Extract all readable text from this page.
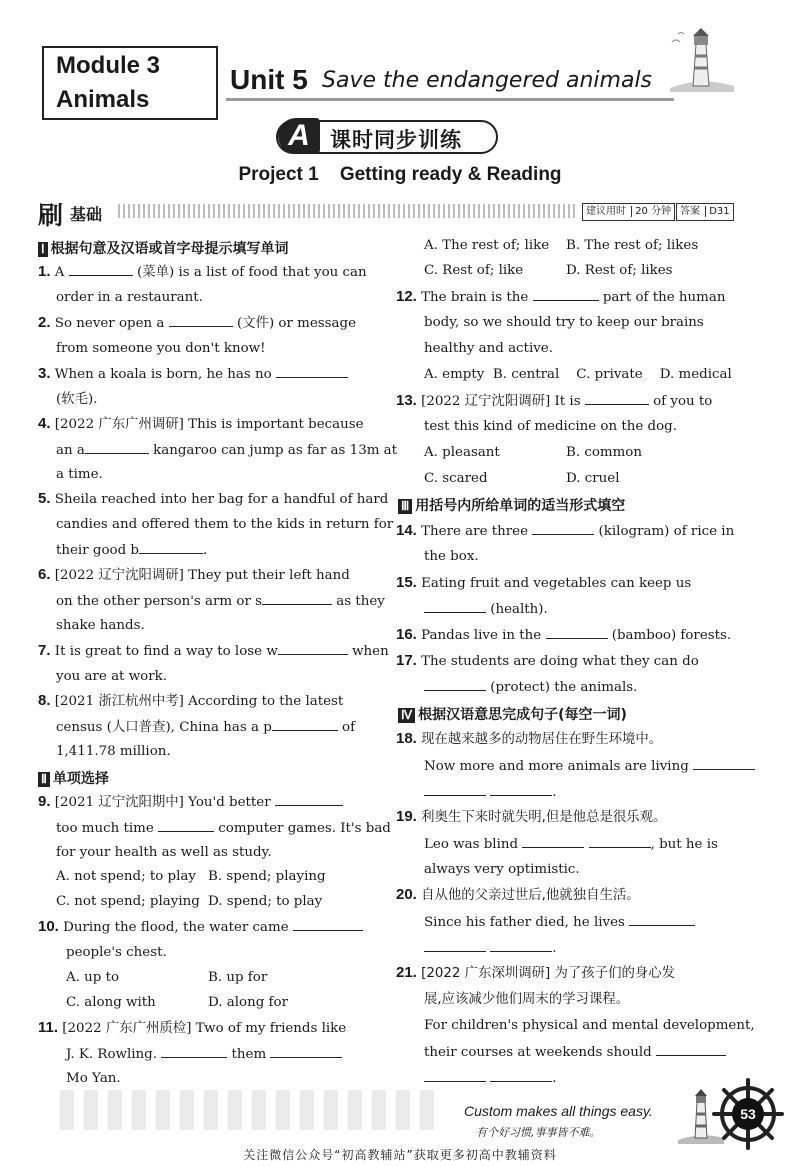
Module 3
Animals
Unit 5 Save the endangered animals
A 课时同步训练
Project 1    Getting ready & Reading
刷 基础	建议用时 20 分钟 答案 D31
Ⅰ 根据句意及汉语或首字母提示填写单词
1. A	(菜单) is a list of food that you can
order in a restaurant.
2. So never open a	(文件) or message
from someone you don't know!
3. When a koala is born, he has no
(软毛).
4. [2022 广东广州调研] This is important because
an a	kangaroo can jump as far as 13m at
a time.
5. Sheila reached into her bag for a handful of hard
candies and offered them to the kids in return for
their good b	.
6. [2022 辽宁沈阳调研] They put their left hand
on the other person's arm or s	as they
shake hands.
7. It is great to find a way to lose w	when
you are at work.
8. [2021 浙江杭州中考] According to the latest
census (人口普查), China has a p	of
1,411.78 million.
Ⅱ 单项选择
9. [2021 辽宁沈阳期中] You'd better
too much time	computer games. It's bad
for your health as well as study.
A. not spend; to play B. spend; playing
C. not spend; playing D. spend; to play
10. During the flood, the water came
people's chest.
A. up to	B. up for
C. along with	D. along for
11. [2022 广东广州质检] Two of my friends like
J. K. Rowling.	them
Mo Yan.
A. The rest of; like B. The rest of; likes
C. Rest of; like	D. Rest of; likes
12. The brain is the	part of the human
body, so we should try to keep our brains
healthy and active.
A. empty  B. central    C. private    D. medical
13. [2022 辽宁沈阳调研] It is	of you to
test this kind of medicine on the dog.
A. pleasant	B. common
C. scared	D. cruel
Ⅲ 用括号内所给单词的适当形式填空
14. There are three	(kilogram) of rice in
the box.
15. Eating fruit and vegetables can keep us
(health).
16. Pandas live in the	(bamboo) forests.
17. The students are doing what they can do
(protect) the animals.
Ⅳ 根据汉语意思完成句子(每空一词)
18. 现在越来越多的动物居住在野生环境中。
Now more and more animals are living
.
19. 利奥生下来时就失明,但是他总是很乐观。
Leo was blind	, but he is
always very optimistic.
20. 自从他的父亲过世后,他就独自生活。
Since his father died, he lives
.
21. [2022 广东深圳调研] 为了孩子们的身心发
展,应该减少他们周末的学习课程。
For children's physical and mental development,
their courses at weekends should
.
Custom makes all things easy.
有个好习惯,事事皆不难。
53
关注微信公众号“初高教辅站”获取更多初高中教辅资料
